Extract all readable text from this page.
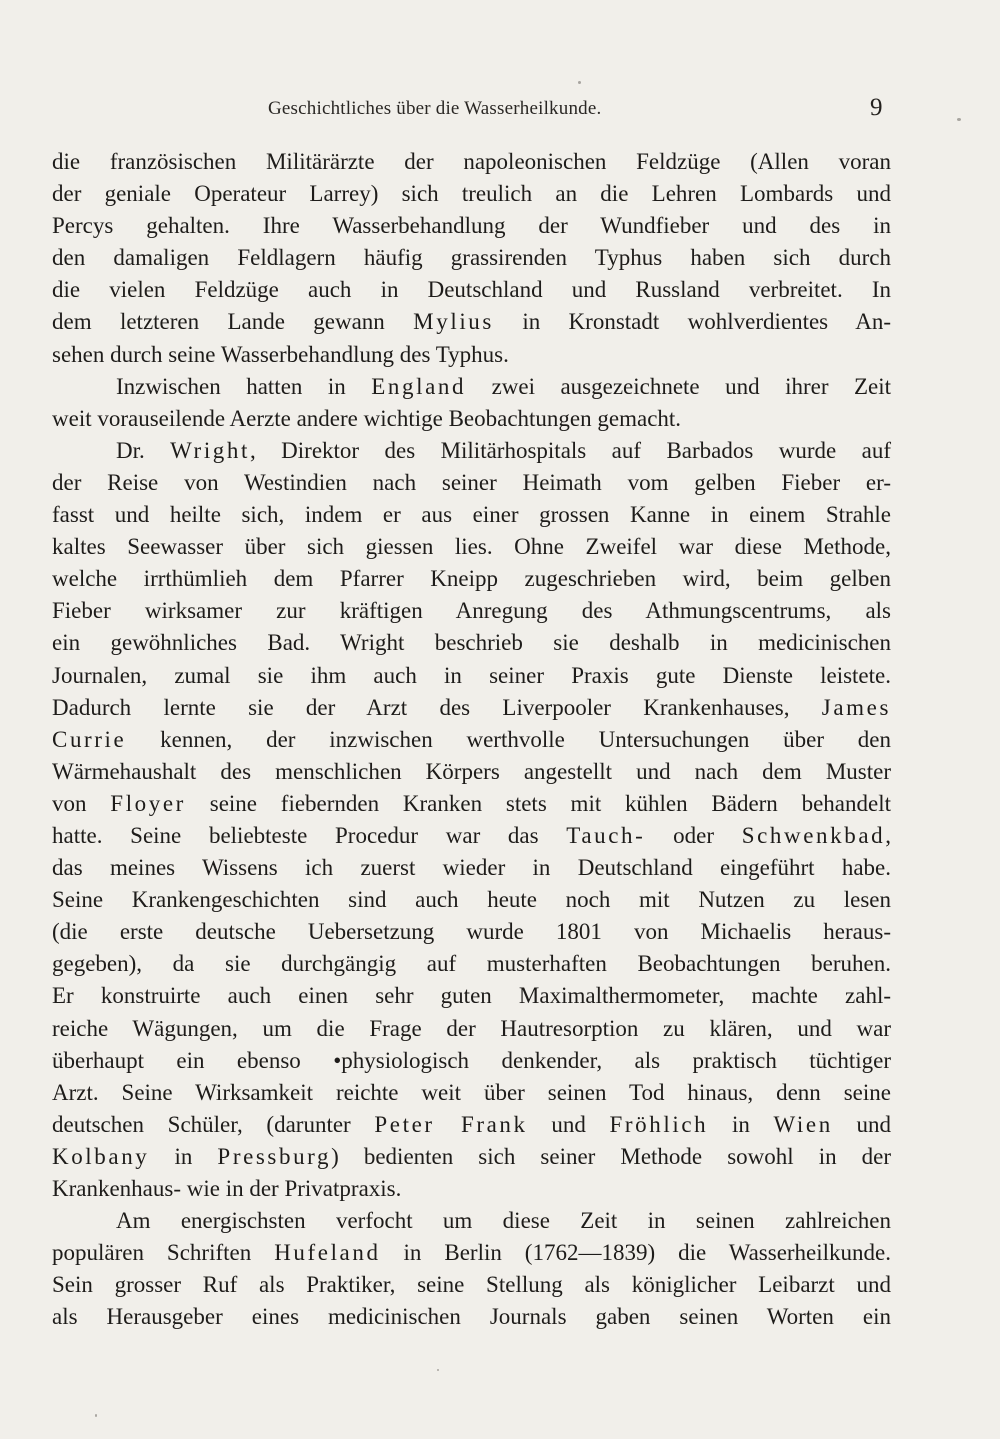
Geschichtliches über die Wasserheilkunde.	9
die französischen Militärärzte der napoleonischen Feldzüge (Allen voran
der geniale Operateur Larrey) sich treulich an die Lehren Lombards und
Percys gehalten. Ihre Wasserbehandlung der Wundfieber und des in
den damaligen Feldlagern häufig grassirenden Typhus haben sich durch
die vielen Feldzüge auch in Deutschland und Russland verbreitet. In
dem letzteren Lande gewann Mylius in Kronstadt wohlverdientes An-
sehen durch seine Wasserbehandlung des Typhus.
Inzwischen hatten in England zwei ausgezeichnete und ihrer Zeit
weit vorauseilende Aerzte andere wichtige Beobachtungen gemacht.
Dr. Wright, Direktor des Militärhospitals auf Barbados wurde auf
der Reise von Westindien nach seiner Heimath vom gelben Fieber er-
fasst und heilte sich, indem er aus einer grossen Kanne in einem Strahle
kaltes Seewasser über sich giessen lies. Ohne Zweifel war diese Methode,
welche irrthümlieh dem Pfarrer Kneipp zugeschrieben wird, beim gelben
Fieber wirksamer zur kräftigen Anregung des Athmungscentrums, als
ein gewöhnliches Bad. Wright beschrieb sie deshalb in medicinischen
Journalen, zumal sie ihm auch in seiner Praxis gute Dienste leistete.
Dadurch lernte sie der Arzt des Liverpooler Krankenhauses, James
Currie kennen, der inzwischen werthvolle Untersuchungen über den
Wärmehaushalt des menschlichen Körpers angestellt und nach dem Muster
von Floyer seine fiebernden Kranken stets mit kühlen Bädern behandelt
hatte. Seine beliebteste Procedur war das Tauch- oder Schwenkbad,
das meines Wissens ich zuerst wieder in Deutschland eingeführt habe.
Seine Krankengeschichten sind auch heute noch mit Nutzen zu lesen
(die erste deutsche Uebersetzung wurde 1801 von Michaelis heraus-
gegeben), da sie durchgängig auf musterhaften Beobachtungen beruhen.
Er konstruirte auch einen sehr guten Maximalthermometer, machte zahl-
reiche Wägungen, um die Frage der Hautresorption zu klären, und war
überhaupt ein ebenso •physiologisch denkender, als praktisch tüchtiger
Arzt. Seine Wirksamkeit reichte weit über seinen Tod hinaus, denn seine
deutschen Schüler, (darunter Peter Frank und Fröhlich in Wien und
Kolbany in Pressburg) bedienten sich seiner Methode sowohl in der
Krankenhaus- wie in der Privatpraxis.
Am energischsten verfocht um diese Zeit in seinen zahlreichen
populären Schriften Hufeland in Berlin (1762—1839) die Wasserheilkunde.
Sein grosser Ruf als Praktiker, seine Stellung als königlicher Leibarzt und
als Herausgeber eines medicinischen Journals gaben seinen Worten ein
